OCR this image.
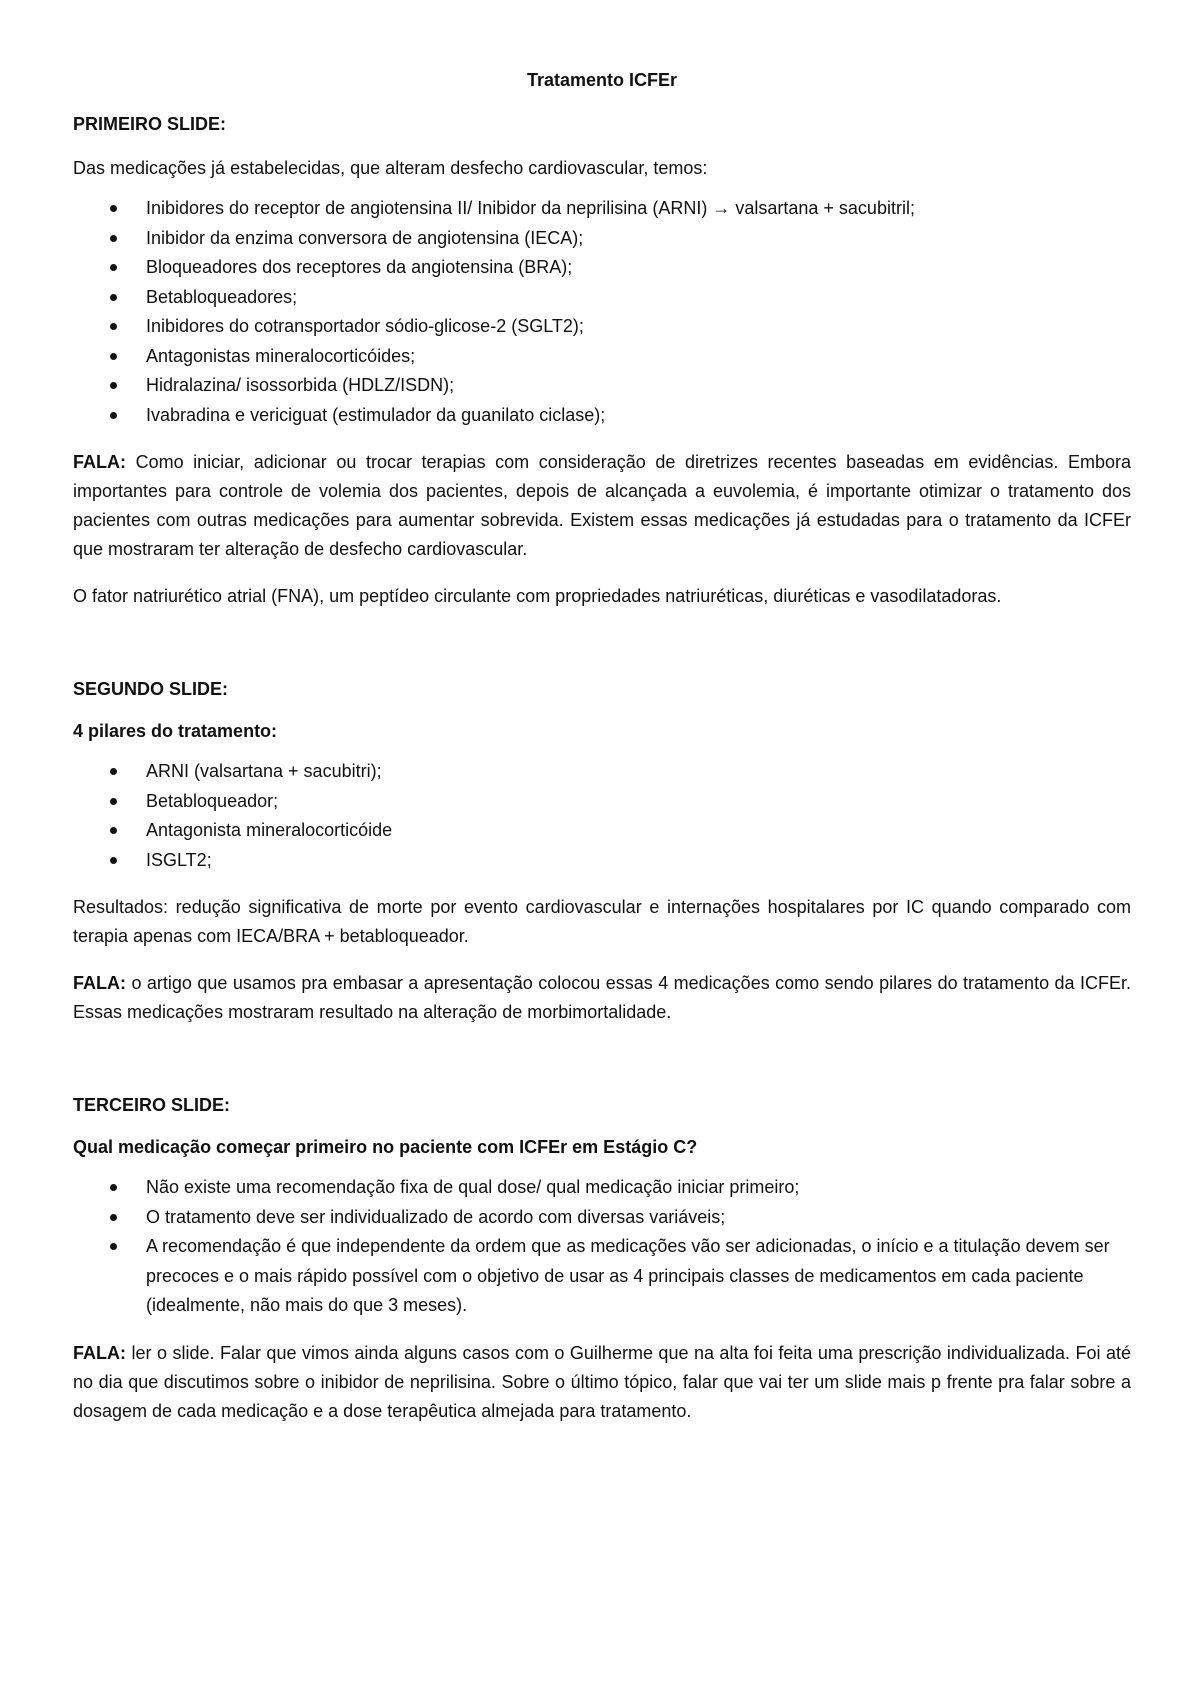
Tratamento ICFEr
PRIMEIRO SLIDE:
Das medicações já estabelecidas, que alteram desfecho cardiovascular, temos:
Inibidores do receptor de angiotensina II/ Inibidor da neprilisina (ARNI) → valsartana + sacubitril;
Inibidor da enzima conversora de angiotensina (IECA);
Bloqueadores dos receptores da angiotensina (BRA);
Betabloqueadores;
Inibidores do cotransportador sódio-glicose-2 (SGLT2);
Antagonistas mineralocorticóides;
Hidralazina/ isossorbida (HDLZ/ISDN);
Ivabradina e vericiguat (estimulador da guanilato ciclase);

FALA: Como iniciar, adicionar ou trocar terapias com consideração de diretrizes recentes baseadas em evidências. Embora importantes para controle de volemia dos pacientes, depois de alcançada a euvolemia, é importante otimizar o tratamento dos pacientes com outras medicações para aumentar sobrevida. Existem essas medicações já estudadas para o tratamento da ICFEr que mostraram ter alteração de desfecho cardiovascular.

O fator natriurético atrial (FNA), um peptídeo circulante com propriedades natriuréticas, diuréticas e vasodilatadoras.

SEGUNDO SLIDE:
4 pilares do tratamento:
ARNI (valsartana + sacubitri);
Betabloqueador;
Antagonista mineralocorticóide
ISGLT2;

Resultados: redução significativa de morte por evento cardiovascular e internações hospitalares por IC quando comparado com terapia apenas com IECA/BRA + betabloqueador.

FALA: o artigo que usamos pra embasar a apresentação colocou essas 4 medicações como sendo pilares do tratamento da ICFEr. Essas medicações mostraram resultado na alteração de morbimortalidade.

TERCEIRO SLIDE:
Qual medicação começar primeiro no paciente com ICFEr em Estágio C?
Não existe uma recomendação fixa de qual dose/ qual medicação iniciar primeiro;
O tratamento deve ser individualizado de acordo com diversas variáveis;
A recomendação é que independente da ordem que as medicações vão ser adicionadas, o início e a titulação devem ser precoces e o mais rápido possível com o objetivo de usar as 4 principais classes de medicamentos em cada paciente (idealmente, não mais do que 3 meses).

FALA: ler o slide. Falar que vimos ainda alguns casos com o Guilherme que na alta foi feita uma prescrição individualizada. Foi até no dia que discutimos sobre o inibidor de neprilisina. Sobre o último tópico, falar que vai ter um slide mais p frente pra falar sobre a dosagem de cada medicação e a dose terapêutica almejada para tratamento.
